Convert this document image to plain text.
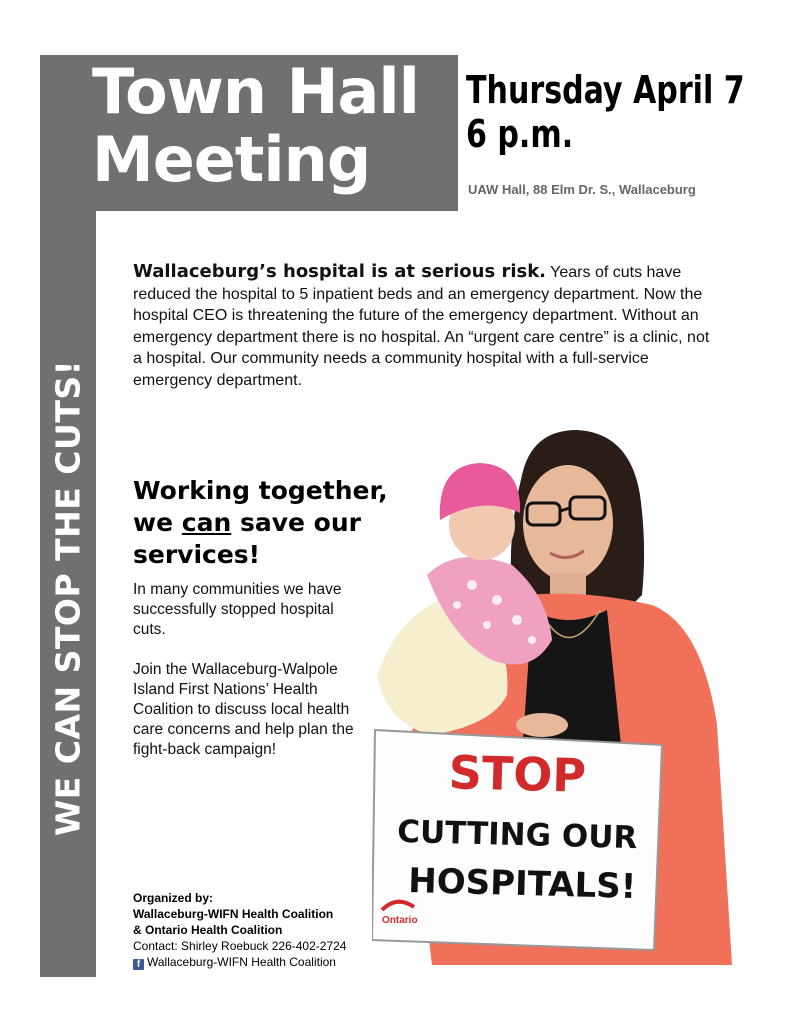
Town Hall
Meeting
WE CAN STOP THE CUTS!
Thursday April 7
6 p.m.
UAW Hall, 88 Elm Dr. S., Wallaceburg
Wallaceburg’s hospital is at serious risk. Years of cuts have reduced the hospital to 5 inpatient beds and an emergency department. Now the hospital CEO is threatening the future of the emergency department. Without an emergency department there is no hospital. An “urgent care centre” is a clinic, not a hospital. Our community needs a community hospital with a full-service emergency department.
Working together,
we can save our
services!

In many communities we have successfully stopped hospital cuts.

Join the Wallaceburg-Walpole Island First Nations’ Health Coalition to discuss local health care concerns and help plan the fight-back campaign!

Organized by:
Wallaceburg-WIFN Health Coalition
& Ontario Health Coalition
Contact: Shirley Roebuck 226-402-2724
f Wallaceburg-WIFN Health Coalition
STOP
CUTTING OUR
HOSPITALS!
Ontario
